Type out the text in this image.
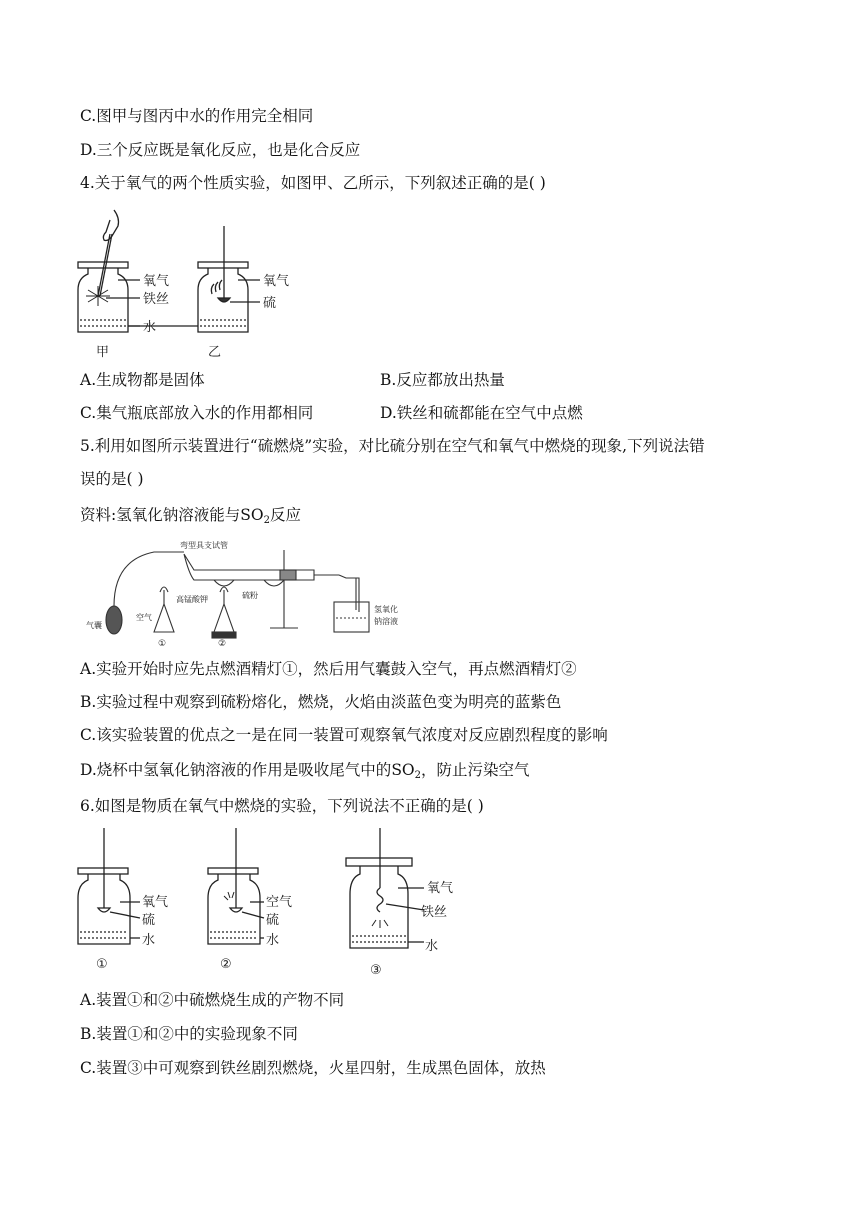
C.图甲与图丙中水的作用完全相同
D.三个反应既是氧化反应，也是化合反应
4.关于氧气的两个性质实验，如图甲、乙所示，下列叙述正确的是( )
氧气
铁丝
水
甲
氧气
硫
乙
A.生成物都是固体	B.反应都放出热量
C.集气瓶底部放入水的作用都相同	D.铁丝和硫都能在空气中点燃
5.利用如图所示装置进行“硫燃烧”实验，对比硫分别在空气和氧气中燃烧的现象,下列说法错
误的是( )
资料:氢氧化钠溶液能与$SO_2$反应
弯型具支试管
高锰酸钾	硫粉
气囊
空气
①	②
氢氧化
钠溶液
A.实验开始时应先点燃酒精灯①，然后用气囊鼓入空气，再点燃酒精灯②
B.实验过程中观察到硫粉熔化，燃烧，火焰由淡蓝色变为明亮的蓝紫色
C.该实验装置的优点之一是在同一装置可观察氧气浓度对反应剧烈程度的影响
D.烧杯中氢氧化钠溶液的作用是吸收尾气中的$SO_2$，防止污染空气
6.如图是物质在氧气中燃烧的实验，下列说法不正确的是( )
氧气
硫
水
①
空气
硫
水
②
氧气
铁丝
水
③
A.装置①和②中硫燃烧生成的产物不同
B.装置①和②中的实验现象不同
C.装置③中可观察到铁丝剧烈燃烧，火星四射，生成黑色固体，放热
